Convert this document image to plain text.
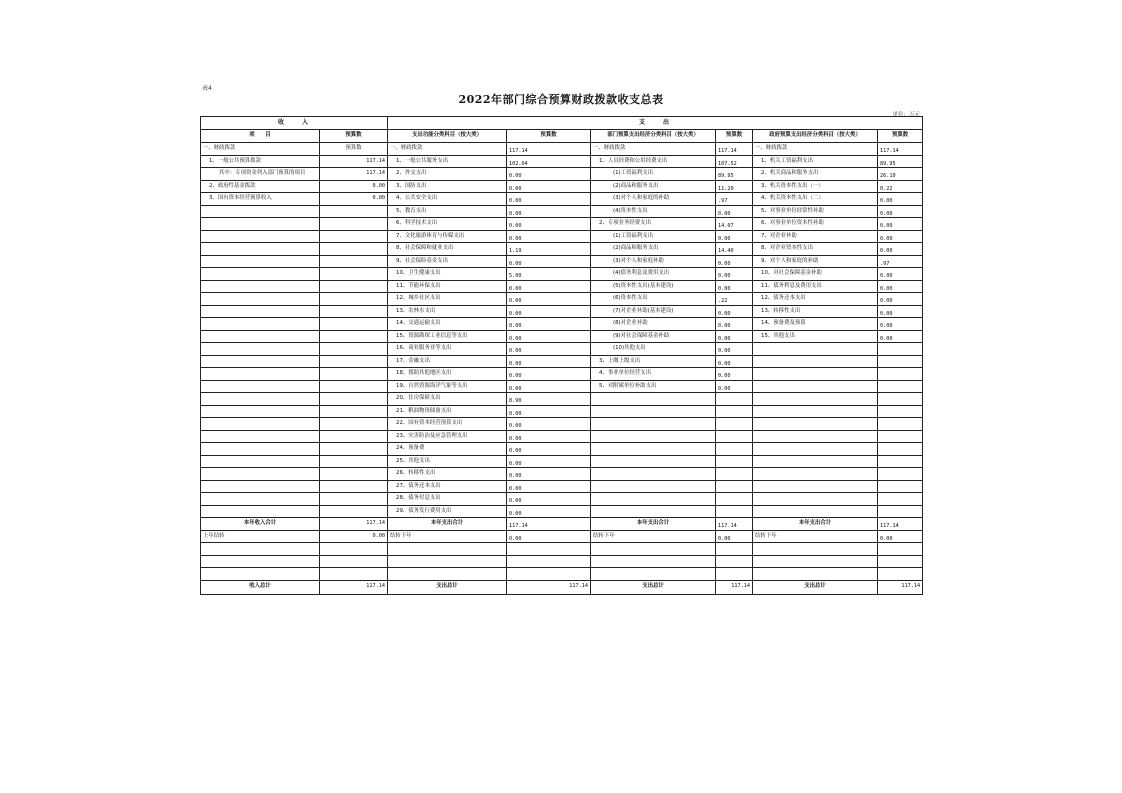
表4
2022年部门综合预算财政拨款收支总表
单位：万元
收　　入		支　　出					
项　　目	预算数	支出功能分类科目（按大类）	预算数	部门预算支出经济分类科目（按大类）	预算数	政府预算支出经济分类科目（按大类）	预算数
一、财政拨款	预算数	一、财政拨款	117.14	一、财政拨款	117.14	一、财政拨款	117.14
1、一般公共预算拨款	117.14	1、一般公共服务支出	102.04	1、人员经费和公用经费支出	107.52	1、机关工资福利支出	89.95
其中：专项资金列入部门预算的项目	117.14	2、外交支出	0.00	(1)工资福利支出	89.95	2、机关商品和服务支出	26.10
2、政府性基金拨款	0.00	3、国防支出	0.00	(2)商品和服务支出	11.20	3、机关资本性支出（一）	0.22
3、国有资本经营预算收入	0.00	4、公共安全支出	0.00	(3)对个人和家庭的补助	.97	4、机关资本性支出（二）	0.00
		5、教育支出	0.00	(4)资本性支出	0.00	5、对事业单位经常性补助	0.00
		6、科学技术支出	0.00	2、专项业务经费支出	14.07	6、对事业单位资本性补助	0.00
		7、文化旅游体育与传媒支出	0.00	(1)工资福利支出	0.00	7、对企业补助	0.00
		8、社会保障和就业支出	1.19	(2)商品和服务支出	14.40	8、对企业资本性支出	0.00
		9、社会保险基金支出	0.00	(3)对个人和家庭补助	0.00	9、对个人和家庭的补助	.97
		10、卫生健康支出	5.00	(4)债务利息及费用支出	0.00	10、对社会保障基金补助	0.00
		11、节能环保支出	0.00	(5)资本性支出(基本建设)	0.00	11、债务利息及费用支出	0.00
		12、城乡社区支出	0.00	(6)资本性支出	.22	12、债务还本支出	0.00
		13、农林水支出	0.00	(7)对企业补助(基本建设)	0.00	13、转移性支出	0.00
		14、交通运输支出	0.00	(8)对企业补助	0.00	14、预备费及预留	0.00
		15、资源勘探工业信息等支出	0.00	(9)对社会保障基金补助	0.00	15、其他支出	0.00
		16、商业服务业等支出	0.00	(10)其他支出	0.00		
		17、金融支出	0.00	3、上缴上级支出	0.00		
		18、援助其他地区支出	0.00	4、事业单位经营支出	0.00		
		19、自然资源海洋气象等支出	0.00	5、对附属单位补助支出	0.00		
		20、住房保障支出	8.90				
		21、粮油物资储备支出	0.00				
		22、国有资本经营预算支出	0.00				
		23、灾害防治及应急管理支出	0.00				
		24、预备费	0.00				
		25、其他支出	0.00				
		26、转移性支出	0.00				
		27、债务还本支出	0.00				
		28、债务付息支出	0.00				
		29、债务发行费用支出	0.00				
本年收入合计	117.14	本年支出合计	117.14	本年支出合计	117.14	本年支出合计	117.14
上年结转	0.00	结转下年	0.00	结转下年	0.00	结转下年	0.00

收入总计	117.14	支出总计	117.14	支出总计	117.14	支出总计	117.14
